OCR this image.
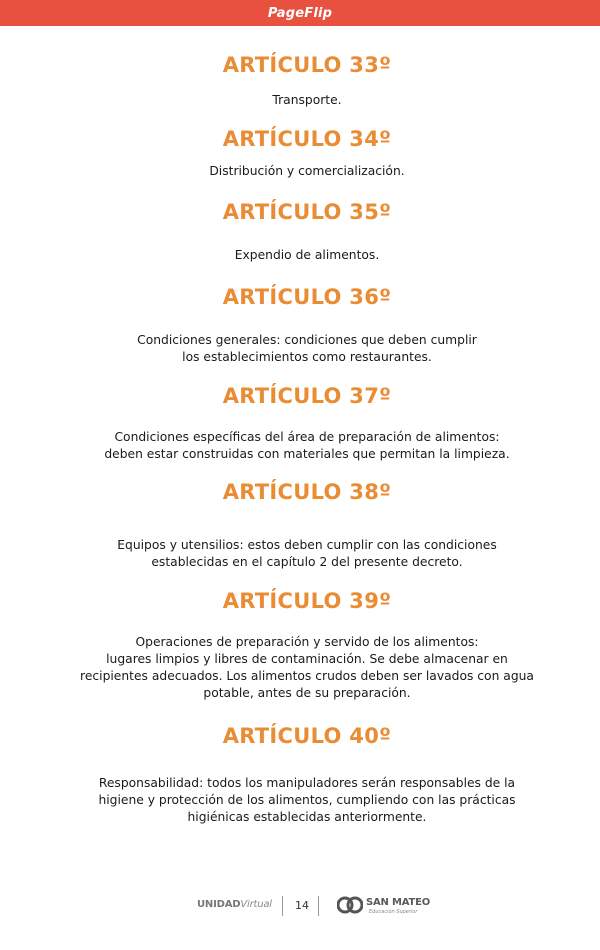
PageFlip
ARTÍCULO 33º
Transporte.
ARTÍCULO 34º
Distribución y comercialización.
ARTÍCULO 35º
Expendio de alimentos.
ARTÍCULO 36º
Condiciones generales: condiciones que deben cumplir
los establecimientos como restaurantes.
ARTÍCULO 37º
Condiciones específicas del área de preparación de alimentos:
deben estar construidas con materiales que permitan la limpieza.
ARTÍCULO 38º
Equipos y utensilios: estos deben cumplir con las condiciones
establecidas en el capítulo 2 del presente decreto.
ARTÍCULO 39º
Operaciones de preparación y servido de los alimentos:
lugares limpios y libres de contaminación. Se debe almacenar en
recipientes adecuados. Los alimentos crudos deben ser lavados con agua
potable, antes de su preparación.
ARTÍCULO 40º
Responsabilidad: todos los manipuladores serán responsables de la
higiene y protección de los alimentos, cumpliendo con las prácticas
higiénicas establecidas anteriormente.
UNIDADVirtual	14	SAN MATEO
Educación Superior
